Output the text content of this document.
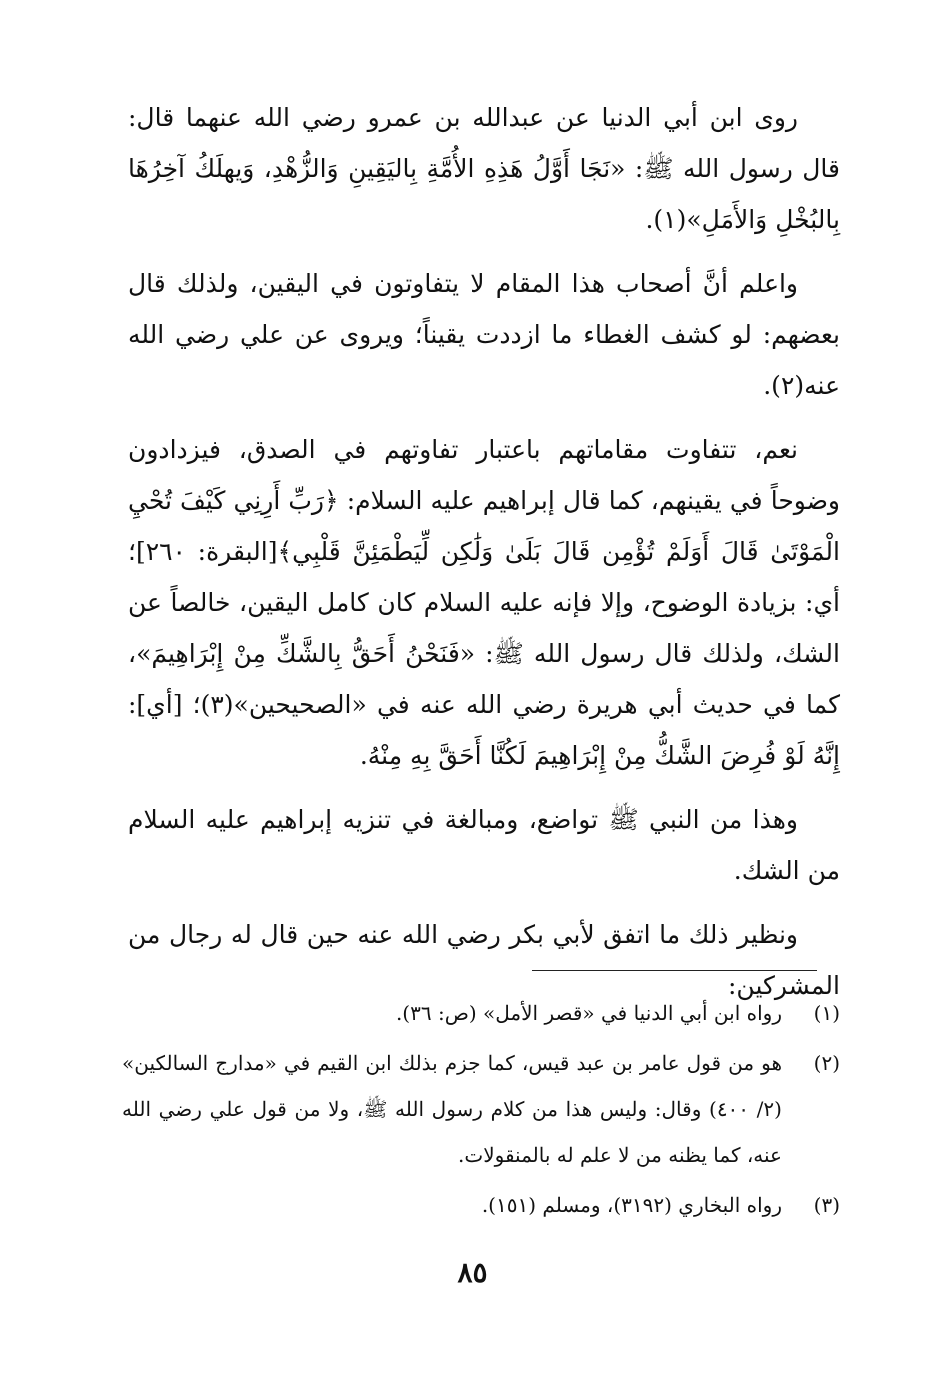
روى ابن أبي الدنيا عن عبدالله بن عمرو رضي الله عنهما قال: قال رسول الله ﷺ: «نَجَا أَوَّلُ هَذِهِ الأُمَّةِ بِاليَقِينِ وَالزُّهْدِ، وَيهلَكُ آخِرُهَا بِالبُخْلِ وَالأَمَلِ»(١).

واعلم أنَّ أصحاب هذا المقام لا يتفاوتون في اليقين، ولذلك قال بعضهم: لو كشف الغطاء ما ازددت يقيناً؛ ويروى عن علي رضي الله عنه(٢).

نعم، تتفاوت مقاماتهم باعتبار تفاوتهم في الصدق، فيزدادون وضوحاً في يقينهم، كما قال إبراهيم عليه السلام: ﴿رَبِّ أَرِنِي كَيْفَ تُحْيِ الْمَوْتَىٰ قَالَ أَوَلَمْ تُؤْمِن قَالَ بَلَىٰ وَلَٰكِن لِّيَطْمَئِنَّ قَلْبِي﴾[البقرة: ٢٦٠]؛ أي: بزيادة الوضوح، وإلا فإنه عليه السلام كان كامل اليقين، خالصاً عن الشك، ولذلك قال رسول الله ﷺ: «فَنَحْنُ أَحَقُّ بِالشَّكِّ مِنْ إِبْرَاهِيمَ»، كما في حديث أبي هريرة رضي الله عنه في «الصحيحين»(٣)؛ [أي]: إِنَّهُ لَوْ فُرِضَ الشَّكُّ مِنْ إِبْرَاهِيمَ لَكُنَّا أَحَقَّ بِهِ مِنْهُ.

وهذا من النبي ﷺ تواضع، ومبالغة في تنزيه إبراهيم عليه السلام من الشك.

ونظير ذلك ما اتفق لأبي بكر رضي الله عنه حين قال له رجال من المشركين:

(١)
رواه ابن أبي الدنيا في «قصر الأمل» (ص: ٣٦).
(٢)
هو من قول عامر بن عبد قيس، كما جزم بذلك ابن القيم في «مدارج السالكين» (٢/ ٤٠٠) وقال: وليس هذا من كلام رسول الله ﷺ، ولا من قول علي رضي الله عنه، كما يظنه من لا علم له بالمنقولات.
(٣)
رواه البخاري (٣١٩٢)، ومسلم (١٥١).
٨٥
